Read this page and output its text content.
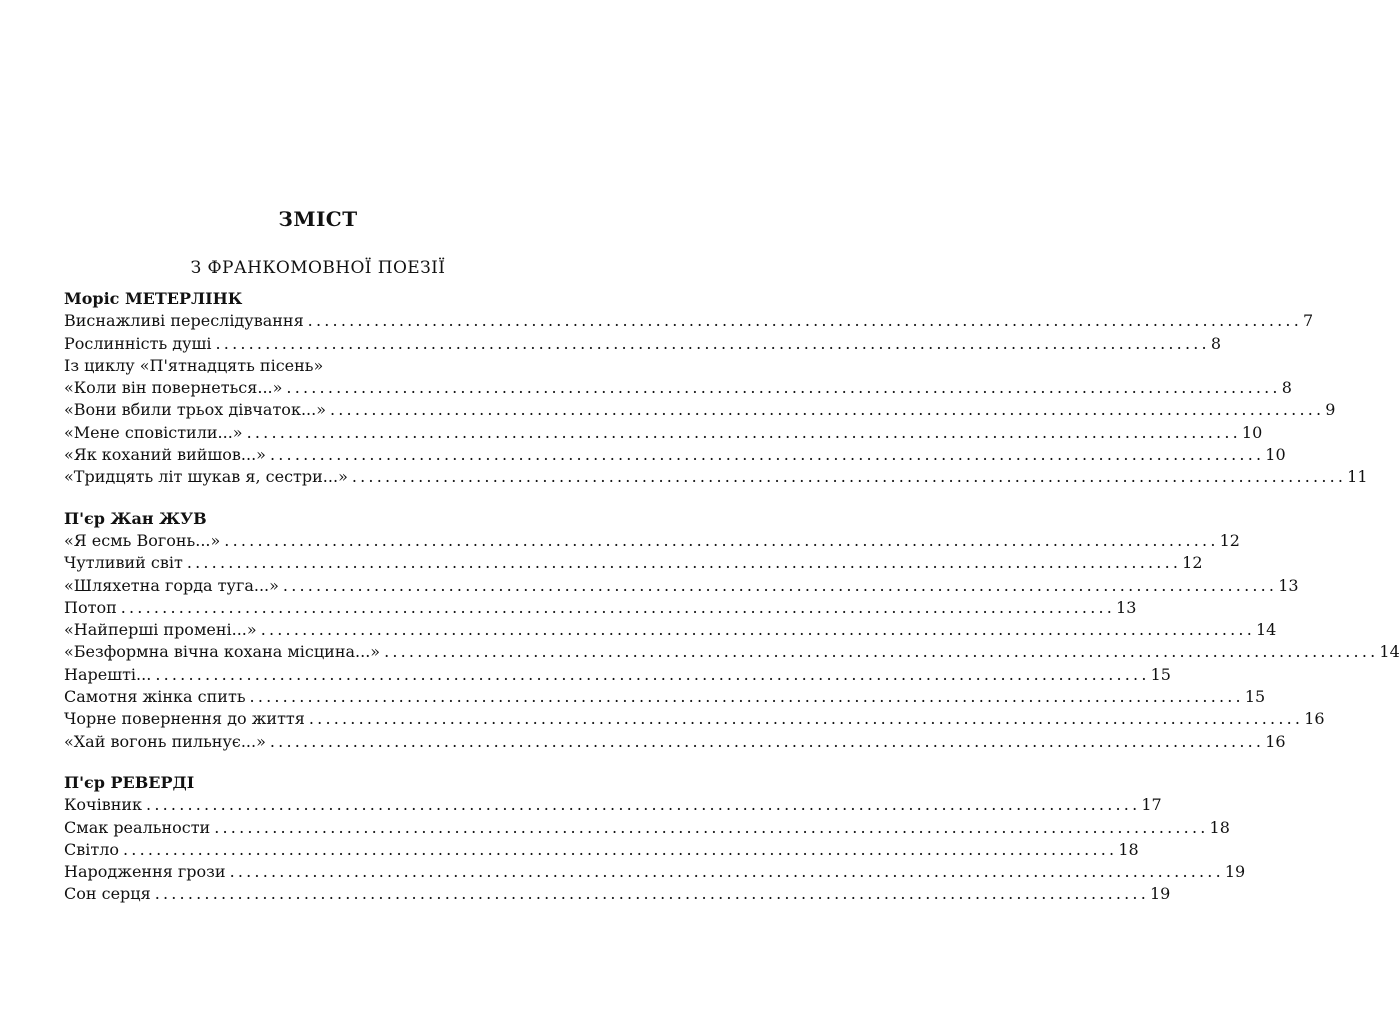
ЗМІСТ
З ФРАНКОМОВНОЇ ПОЕЗІЇ
Моріс МЕТЕРЛІНК
Виснажливі переслідування ........................................................................................................................ 7
Рослинність душі ........................................................................................................................ 8
Із циклу «П'ятнадцять пісень»
«Коли він повернеться...» ........................................................................................................................ 8
«Вони вбили трьох дівчаток...» ........................................................................................................................ 9
«Мене сповістили...» ........................................................................................................................ 10
«Як коханий вийшов...» ........................................................................................................................ 10
«Тридцять літ шукав я, сестри...» ........................................................................................................................ 11
П'єр Жан ЖУВ
«Я есмь Вогонь...» ........................................................................................................................ 12
Чутливий світ ........................................................................................................................ 12
«Шляхетна горда туга...» ........................................................................................................................ 13
Потоп ........................................................................................................................ 13
«Найперші промені...» ........................................................................................................................ 14
«Безформна вічна кохана місцина...» ........................................................................................................................ 14
Нарешті... ........................................................................................................................ 15
Самотня жінка спить ........................................................................................................................ 15
Чорне повернення до життя ........................................................................................................................ 16
«Хай вогонь пильнує...» ........................................................................................................................ 16
П'єр РЕВЕРДІ
Кочівник ........................................................................................................................ 17
Смак реальности ........................................................................................................................ 18
Світло ........................................................................................................................ 18
Народження грози ........................................................................................................................ 19
Сон серця ........................................................................................................................ 19
